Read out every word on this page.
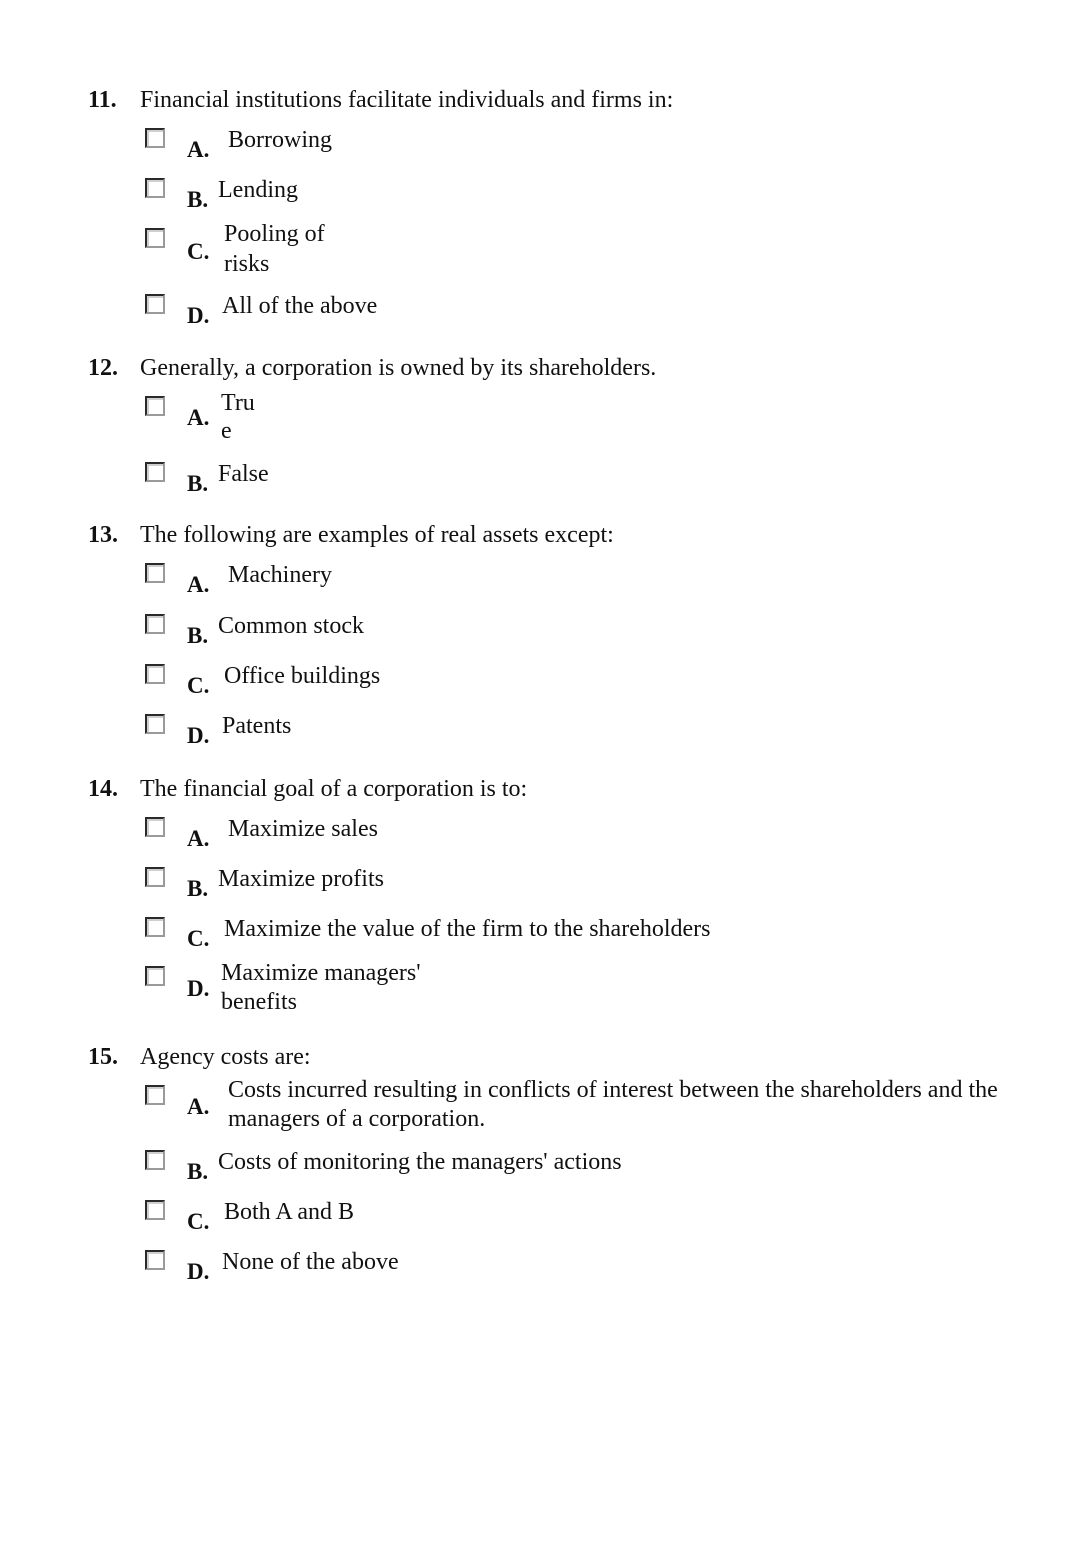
11. Financial institutions facilitate individuals and firms in:
A. Borrowing
B. Lending
C.
Pooling of
risks
D. All of the above
12. Generally, a corporation is owned by its shareholders.
A.
Tru
e
B. False
13. The following are examples of real assets except:
A. Machinery
B. Common stock
C. Office buildings
D. Patents
14. The financial goal of a corporation is to:
A. Maximize sales
B. Maximize profits
C. Maximize the value of the firm to the shareholders
D.
Maximize managers'
benefits
15. Agency costs are:
A.
Costs incurred resulting in conflicts of interest between the shareholders and the
managers of a corporation.
B. Costs of monitoring the managers' actions
C. Both A and B
D. None of the above
